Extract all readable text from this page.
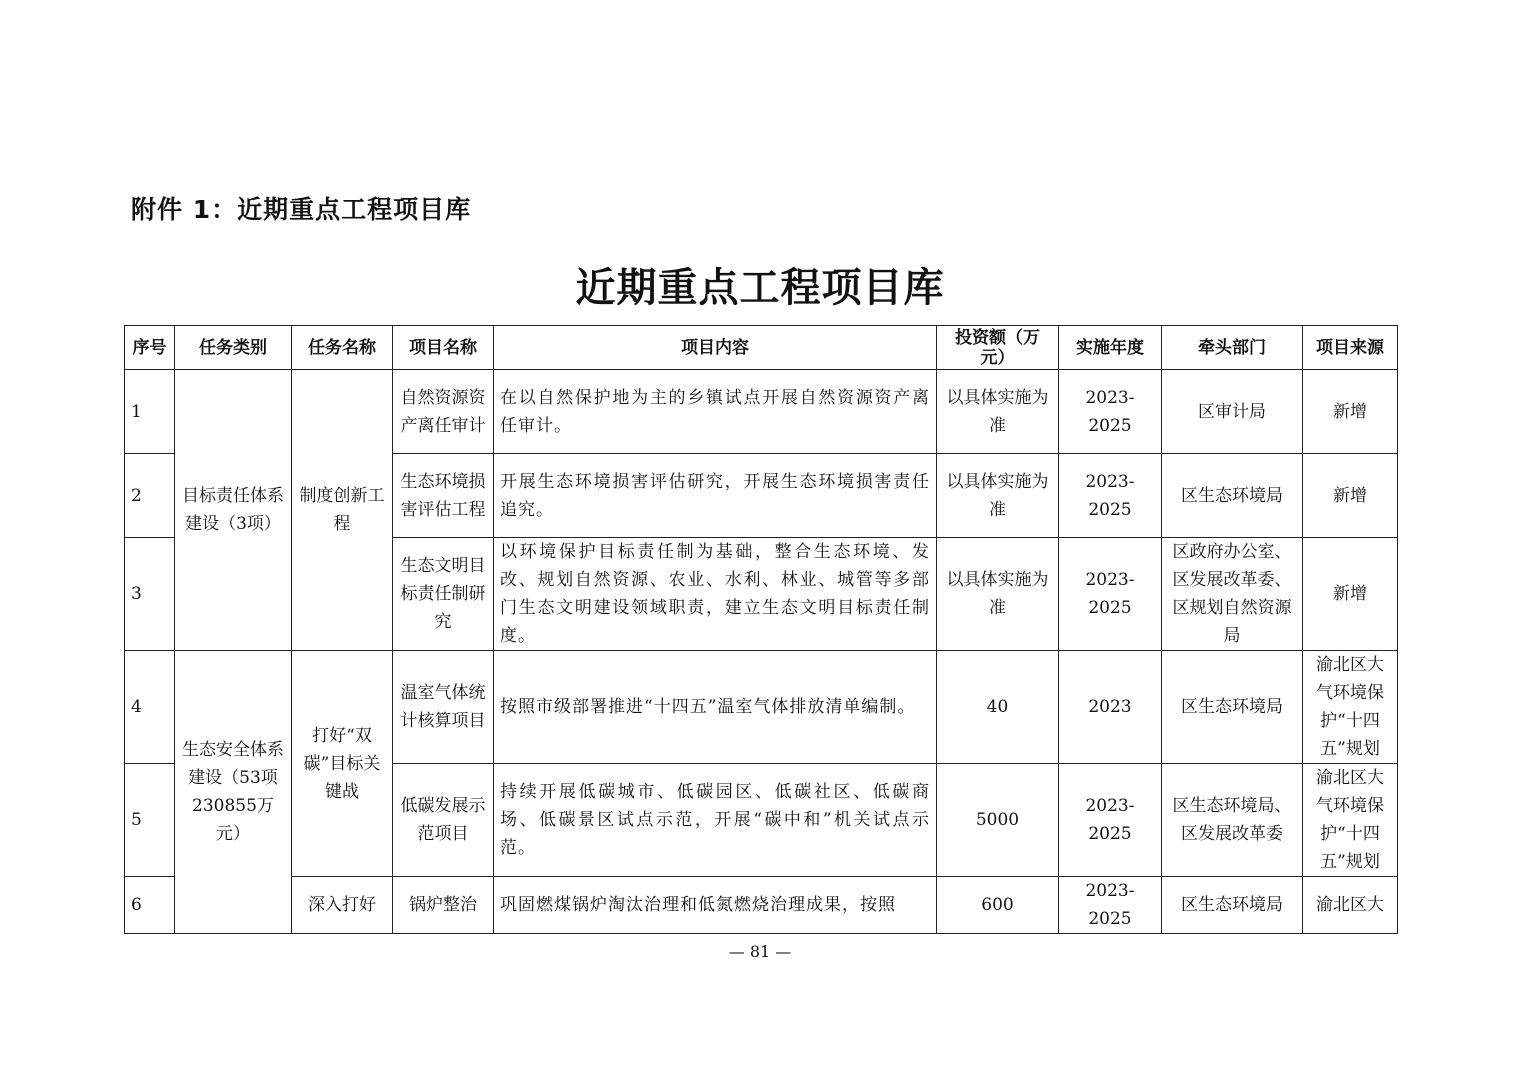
附件 1：近期重点工程项目库
近期重点工程项目库
序号	任务类别	任务名称	项目名称	项目内容	投资额（万元）	实施年度	牵头部门	项目来源
1	目标责任体系建设（3项）	制度创新工程	自然资源资产离任审计	在以自然保护地为主的乡镇试点开展自然资源资产离任审计。	以具体实施为准	2023-2025	区审计局	新增
2			生态环境损害评估工程	开展生态环境损害评估研究，开展生态环境损害责任追究。	以具体实施为准	2023-2025	区生态环境局	新增
3			生态文明目标责任制研究	以环境保护目标责任制为基础，整合生态环境、发改、规划自然资源、农业、水利、林业、城管等多部门生态文明建设领域职责，建立生态文明目标责任制度。	以具体实施为准	2023-2025	区政府办公室、区发展改革委、区规划自然资源局	新增
4	生态安全体系建设（53项 230855万元）	打好“双碳”目标关键战	温室气体统计核算项目	按照市级部署推进“十四五”温室气体排放清单编制。	40	2023	区生态环境局	渝北区大气环境保护“十四五”规划
5			低碳发展示范项目	持续开展低碳城市、低碳园区、低碳社区、低碳商场、低碳景区试点示范，开展“碳中和”机关试点示范。	5000	2023-2025	区生态环境局、区发展改革委	渝北区大气环境保护“十四五”规划
6		深入打好	锅炉整治	巩固燃煤锅炉淘汰治理和低氮燃烧治理成果，按照	600	2023-2025	区生态环境局	渝北区大
— 81 —
